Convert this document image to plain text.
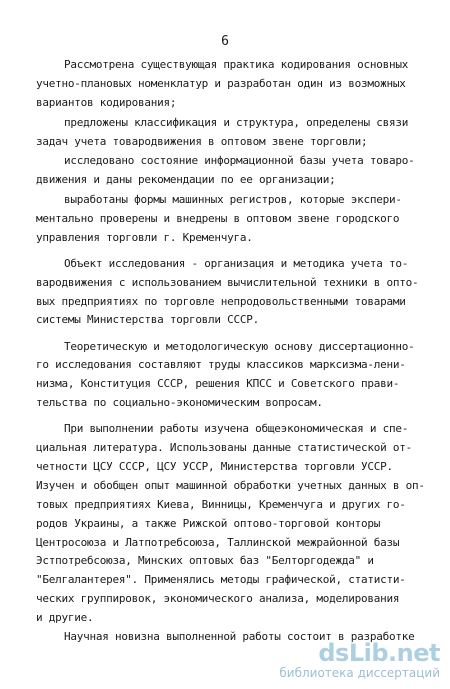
6
Рассмотрена существующая практика кодирования основных
учетно-плановых номенклатур и разработан один из возможных
вариантов кодирования;
предложены классификация и структура, определены связи
задач учета товародвижения в оптовом звене торговли;
исследовано состояние информационной базы учета товаро-
движения и даны рекомендации по ее организации;
выработаны формы машинных регистров, которые экспери-
ментально проверены и внедрены в оптовом звене городского
управления торговли г. Кременчуга.
Объект исследования - организация и методика учета то-
вародвижения с использованием вычислительной техники в опто-
вых предприятиях по торговле непродовольственными товарами
системы Министерства торговли СССР.
Теоретическую и методологическую основу диссертационно-
го исследования составляют труды классиков марксизма-лени-
низма, Конституция СССР, решения КПСС и Советского прави-
тельства по социально-экономическим вопросам.
При выполнении работы изучена общеэкономическая и спе-
циальная литература. Использованы данные статистической от-
четности ЦСУ СССР, ЦСУ УССР, Министерства торговли УССР.
Изучен и обобщен опыт машинной обработки учетных данных в оп-
товых предприятиях Киева, Винницы, Кременчуга и других го-
родов Украины, а также Рижской оптово-торговой конторы
Центросоюза и Латпотребсоюза, Таллинской межрайонной базы
Эстпотребсоюза, Минских оптовых баз "Белторгодежда" и
"Белгалантерея". Применялись методы графической, статисти-
ческих группировок, экономического анализа, моделирования
и другие.
Научная новизна выполненной работы состоит в разработке
dsLib.net
библиотека диссертаций
